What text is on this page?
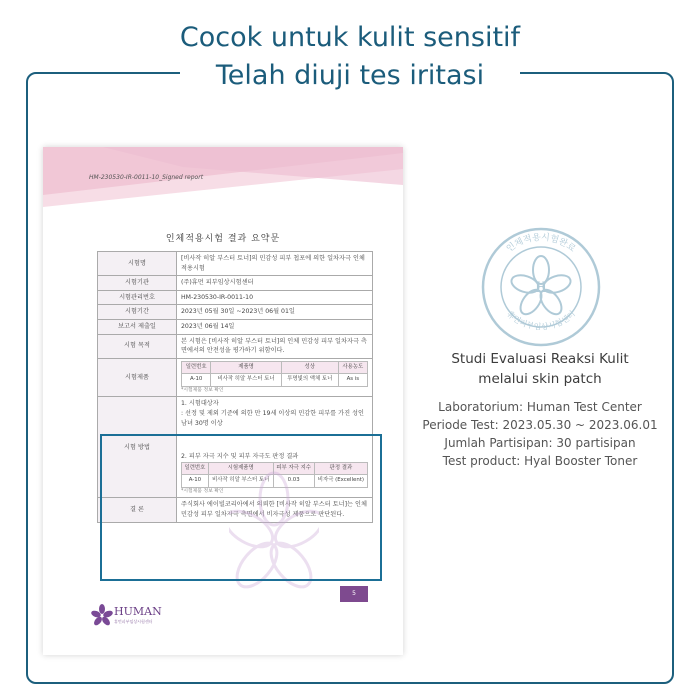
Cocok untuk kulit sensitif
Telah diuji tes iritasi
HM-230530-IR-0011-10_Signed report
인체적용시험 결과 요약문
시험명	[비사작 히알 부스터 토너]의 민감성 피부 첩포에 의한 일차자극 인체적용시험
시험기관	(주)휴먼 피부임상시험센터
시험관리번호	HM-230530-IR-0011-10
시험기간	2023년 05월 30일 ~2023년 06월 01일
보고서 제출일	2023년 06월 14일
시험 목적	본 시험은 [비사작 히알 부스터 토너]의 인체 민감성 피부 일차자극 측면에서의 안전성을 평가하기 위함이다.
시험제품	
일련번호	제품명	성상	사용농도
A-10	비사작 히알 부스터 토너	투명빛의 액체 토너	As is
*시험제품 정보 확인

시험 방법	
1. 시험대상자
: 선정 및 제외 기준에 의한 만 19세 이상의 민감한 피부를 가진 성인 남녀 30명 이상
2. 피부 자극 지수 및 피부 자극도 판정 결과
일련번호	시험제품명	피부 자극 지수	판정 결과
A-10	비사작 히알 부스터 토너	0.03	비자극 (Excellent)
*시험제품 정보 확인

결 론	주식회사 에이빌코리아에서 의뢰한 [비사작 히알 부스터 토너]는 인체 민감성 피부 일차자극 측면에서 비자극성 제품으로 판단된다.
5
HUMAN
휴먼피부임상시험센터
H
인체적용시험완료
휴먼피부임상시험센터
Studi Evaluasi Reaksi Kulit
melalui skin patch
Laboratorium: Human Test Center
Periode Test: 2023.05.30 ~ 2023.06.01
Jumlah Partisipan: 30 partisipan
Test product: Hyal Booster Toner
